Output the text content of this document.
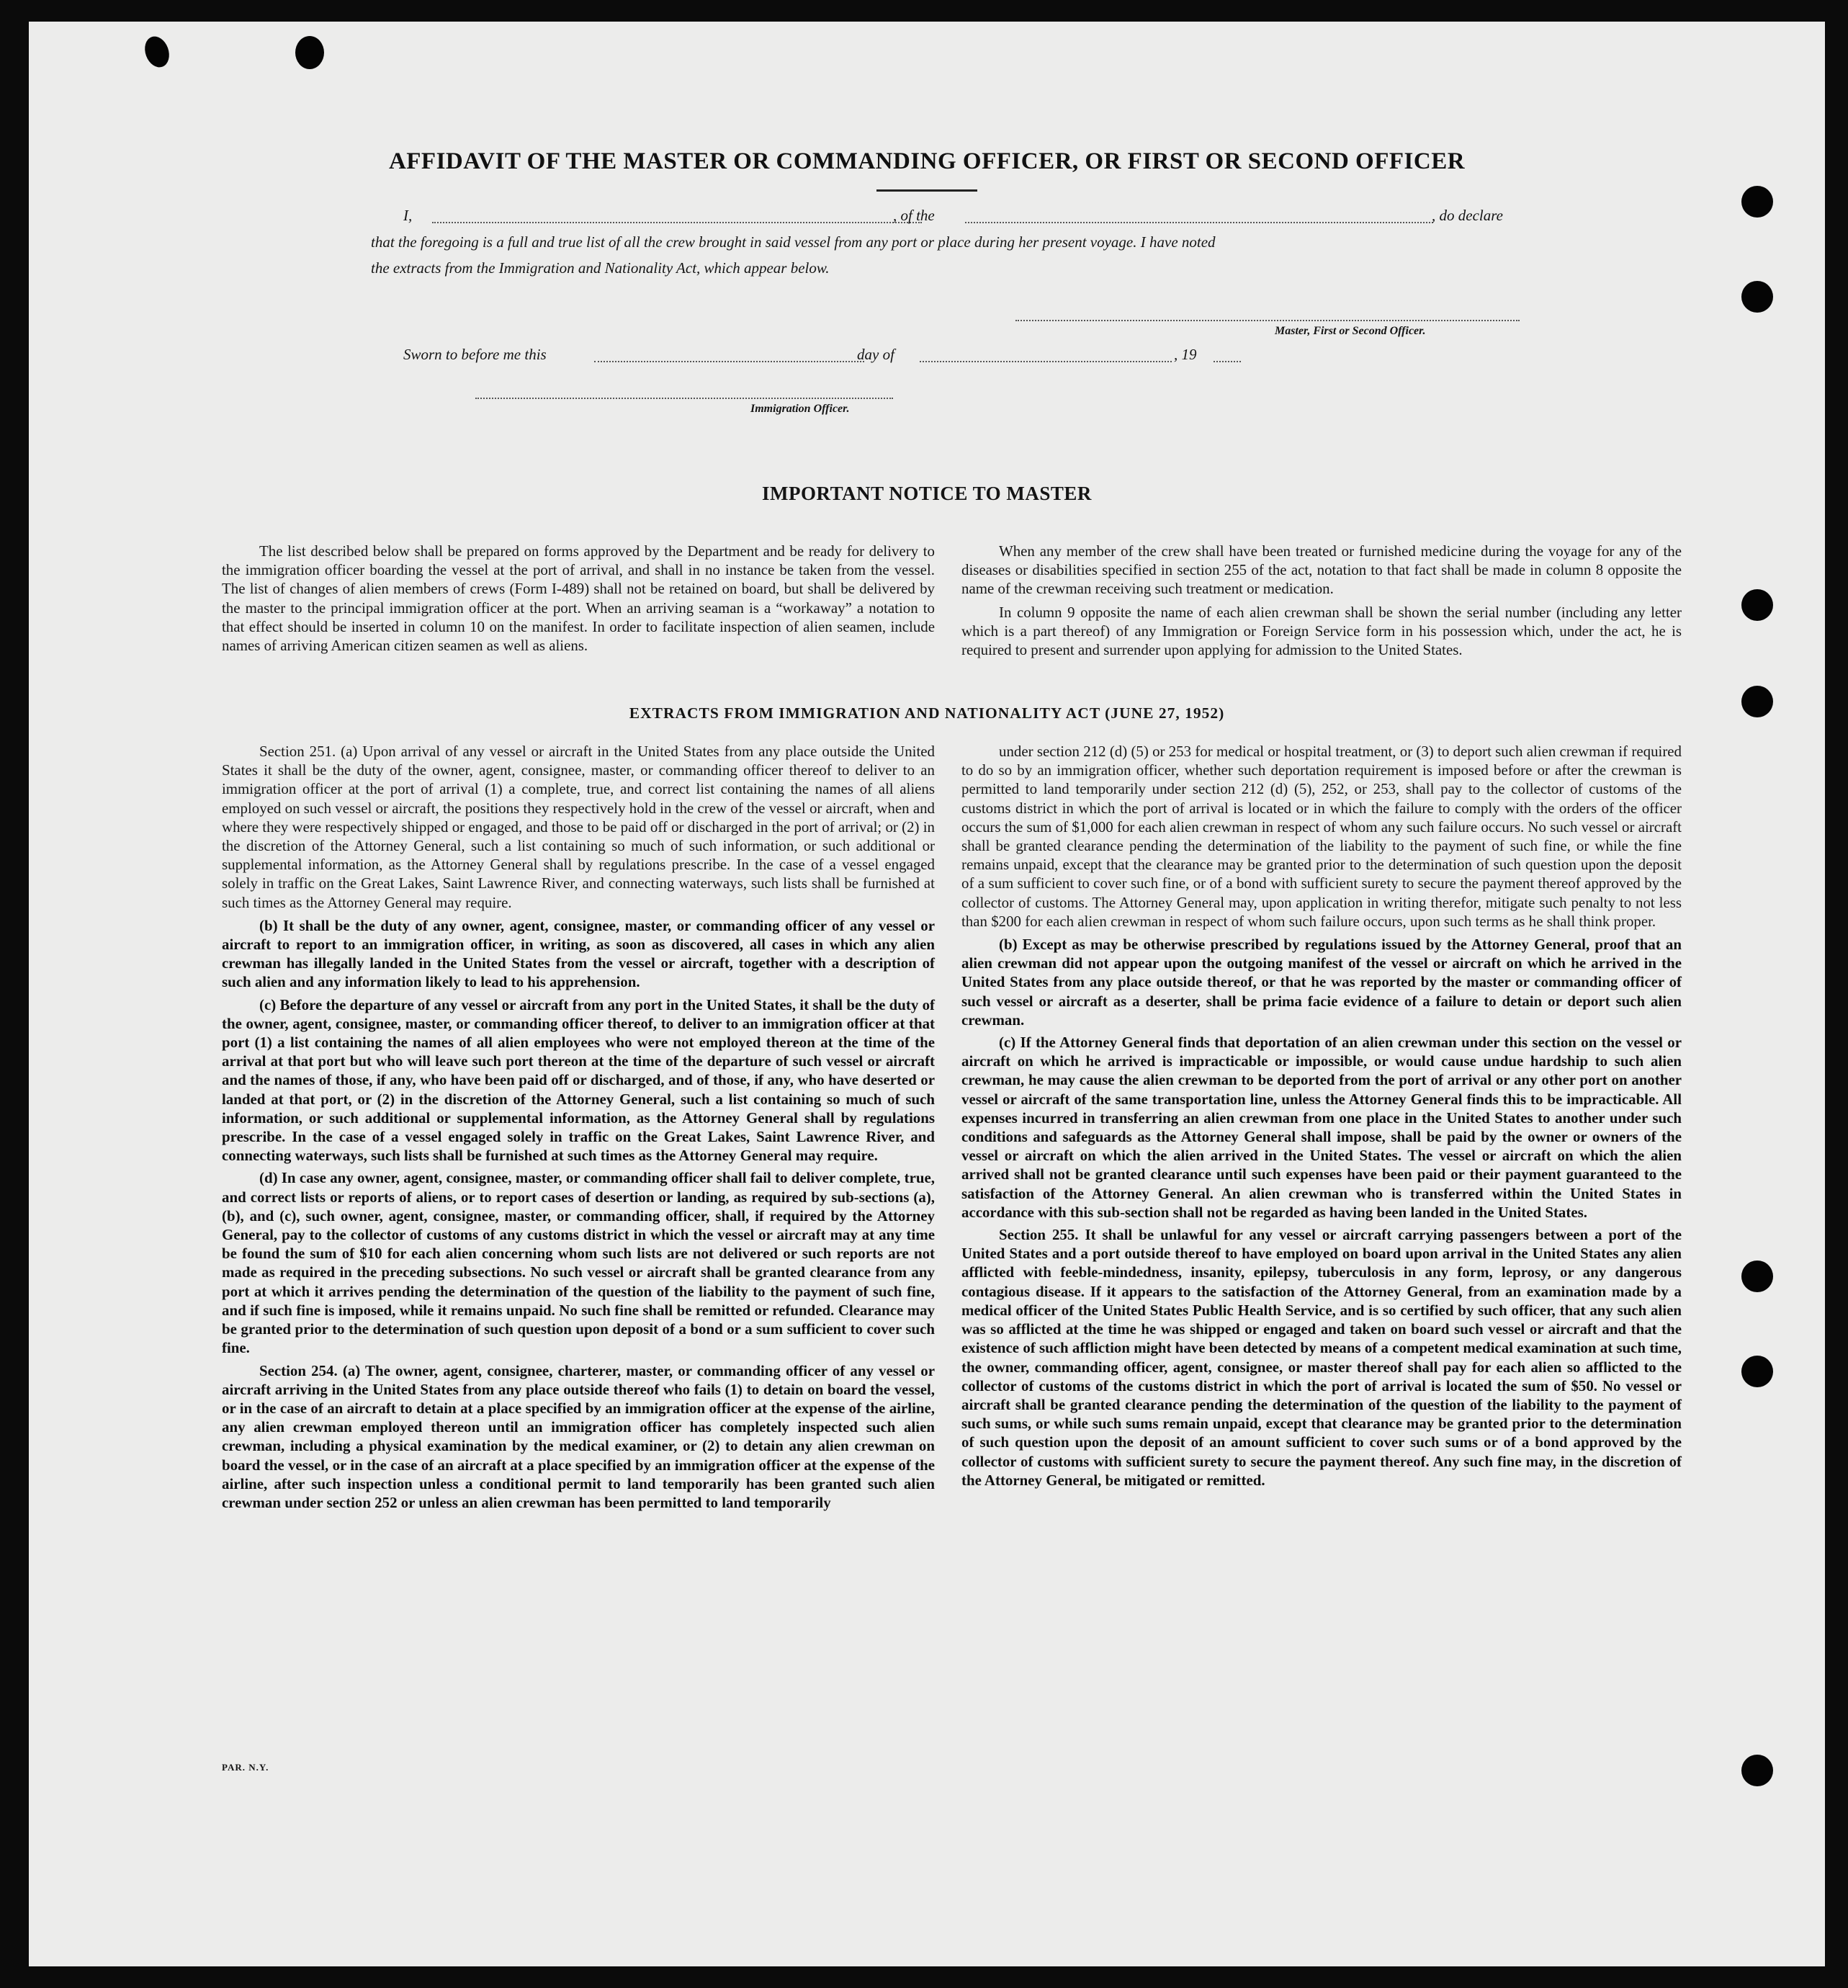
AFFIDAVIT OF THE MASTER OR COMMANDING OFFICER, OR FIRST OR SECOND OFFICER
I,	, of the	, do declare
that the foregoing is a full and true list of all the crew brought in said vessel from any port or place during her present voyage. I have noted
the extracts from the Immigration and Nationality Act, which appear below.
Master, First or Second Officer.
Sworn to before me this	day of	, 19
Immigration Officer.
IMPORTANT NOTICE TO MASTER

The list described below shall be prepared on forms approved by the Department and be ready for delivery to the immigration officer boarding the vessel at the port of arrival, and shall in no instance be taken from the vessel. The list of changes of alien members of crews (Form I-489) shall not be retained on board, but shall be delivered by the master to the principal immigration officer at the port. When an arriving seaman is a “workaway” a notation to that effect should be inserted in column 10 on the manifest. In order to facilitate inspection of alien seamen, include names of arriving American citizen seamen as well as aliens.

When any member of the crew shall have been treated or furnished medicine during the voyage for any of the diseases or disabilities specified in section 255 of the act, notation to that fact shall be made in column 8 opposite the name of the crewman receiving such treatment or medication.

In column 9 opposite the name of each alien crewman shall be shown the serial number (including any letter which is a part thereof) of any Immigration or Foreign Service form in his possession which, under the act, he is required to present and surrender upon applying for admission to the United States.

EXTRACTS FROM IMMIGRATION AND NATIONALITY ACT (JUNE 27, 1952)

Section 251. (a) Upon arrival of any vessel or aircraft in the United States from any place outside the United States it shall be the duty of the owner, agent, consignee, master, or commanding officer thereof to deliver to an immigration officer at the port of arrival (1) a complete, true, and correct list containing the names of all aliens employed on such vessel or aircraft, the positions they respectively hold in the crew of the vessel or aircraft, when and where they were respectively shipped or engaged, and those to be paid off or discharged in the port of arrival; or (2) in the discretion of the Attorney General, such a list containing so much of such information, or such additional or supplemental information, as the Attorney General shall by regulations prescribe. In the case of a vessel engaged solely in traffic on the Great Lakes, Saint Lawrence River, and connecting waterways, such lists shall be furnished at such times as the Attorney General may require.

(b) It shall be the duty of any owner, agent, consignee, master, or commanding officer of any vessel or aircraft to report to an immigration officer, in writing, as soon as discovered, all cases in which any alien crewman has illegally landed in the United States from the vessel or aircraft, together with a description of such alien and any information likely to lead to his apprehension.

(c) Before the departure of any vessel or aircraft from any port in the United States, it shall be the duty of the owner, agent, consignee, master, or commanding officer thereof, to deliver to an immigration officer at that port (1) a list containing the names of all alien employees who were not employed thereon at the time of the arrival at that port but who will leave such port thereon at the time of the departure of such vessel or aircraft and the names of those, if any, who have been paid off or discharged, and of those, if any, who have deserted or landed at that port, or (2) in the discretion of the Attorney General, such a list containing so much of such information, or such additional or supplemental information, as the Attorney General shall by regulations prescribe. In the case of a vessel engaged solely in traffic on the Great Lakes, Saint Lawrence River, and connecting waterways, such lists shall be furnished at such times as the Attorney General may require.

(d) In case any owner, agent, consignee, master, or commanding officer shall fail to deliver complete, true, and correct lists or reports of aliens, or to report cases of desertion or landing, as required by sub-sections (a), (b), and (c), such owner, agent, consignee, master, or commanding officer, shall, if required by the Attorney General, pay to the collector of customs of any customs district in which the vessel or aircraft may at any time be found the sum of $10 for each alien concerning whom such lists are not delivered or such reports are not made as required in the preceding subsections. No such vessel or aircraft shall be granted clearance from any port at which it arrives pending the determination of the question of the liability to the payment of such fine, and if such fine is imposed, while it remains unpaid. No such fine shall be remitted or refunded. Clearance may be granted prior to the determination of such question upon deposit of a bond or a sum sufficient to cover such fine.

Section 254. (a) The owner, agent, consignee, charterer, master, or commanding officer of any vessel or aircraft arriving in the United States from any place outside thereof who fails (1) to detain on board the vessel, or in the case of an aircraft to detain at a place specified by an immigration officer at the expense of the airline, any alien crewman employed thereon until an immigration officer has completely inspected such alien crewman, including a physical examination by the medical examiner, or (2) to detain any alien crewman on board the vessel, or in the case of an aircraft at a place specified by an immigration officer at the expense of the airline, after such inspection unless a conditional permit to land temporarily has been granted such alien crewman under section 252 or unless an alien crewman has been permitted to land temporarily

under section 212 (d) (5) or 253 for medical or hospital treatment, or (3) to deport such alien crewman if required to do so by an immigration officer, whether such deportation requirement is imposed before or after the crewman is permitted to land temporarily under section 212 (d) (5), 252, or 253, shall pay to the collector of customs of the customs district in which the port of arrival is located or in which the failure to comply with the orders of the officer occurs the sum of $1,000 for each alien crewman in respect of whom any such failure occurs. No such vessel or aircraft shall be granted clearance pending the determination of the liability to the payment of such fine, or while the fine remains unpaid, except that the clearance may be granted prior to the determination of such question upon the deposit of a sum sufficient to cover such fine, or of a bond with sufficient surety to secure the payment thereof approved by the collector of customs. The Attorney General may, upon application in writing therefor, mitigate such penalty to not less than $200 for each alien crewman in respect of whom such failure occurs, upon such terms as he shall think proper.

(b) Except as may be otherwise prescribed by regulations issued by the Attorney General, proof that an alien crewman did not appear upon the outgoing manifest of the vessel or aircraft on which he arrived in the United States from any place outside thereof, or that he was reported by the master or commanding officer of such vessel or aircraft as a deserter, shall be prima facie evidence of a failure to detain or deport such alien crewman.

(c) If the Attorney General finds that deportation of an alien crewman under this section on the vessel or aircraft on which he arrived is impracticable or impossible, or would cause undue hardship to such alien crewman, he may cause the alien crewman to be deported from the port of arrival or any other port on another vessel or aircraft of the same transportation line, unless the Attorney General finds this to be impracticable. All expenses incurred in transferring an alien crewman from one place in the United States to another under such conditions and safeguards as the Attorney General shall impose, shall be paid by the owner or owners of the vessel or aircraft on which the alien arrived in the United States. The vessel or aircraft on which the alien arrived shall not be granted clearance until such expenses have been paid or their payment guaranteed to the satisfaction of the Attorney General. An alien crewman who is transferred within the United States in accordance with this sub-section shall not be regarded as having been landed in the United States.

Section 255. It shall be unlawful for any vessel or aircraft carrying passengers between a port of the United States and a port outside thereof to have employed on board upon arrival in the United States any alien afflicted with feeble-mindedness, insanity, epilepsy, tuberculosis in any form, leprosy, or any dangerous contagious disease. If it appears to the satisfaction of the Attorney General, from an examination made by a medical officer of the United States Public Health Service, and is so certified by such officer, that any such alien was so afflicted at the time he was shipped or engaged and taken on board such vessel or aircraft and that the existence of such affliction might have been detected by means of a competent medical examination at such time, the owner, commanding officer, agent, consignee, or master thereof shall pay for each alien so afflicted to the collector of customs of the customs district in which the port of arrival is located the sum of $50. No vessel or aircraft shall be granted clearance pending the determination of the question of the liability to the payment of such sums, or while such sums remain unpaid, except that clearance may be granted prior to the determination of such question upon the deposit of an amount sufficient to cover such sums or of a bond approved by the collector of customs with sufficient surety to secure the payment thereof. Any such fine may, in the discretion of the Attorney General, be mitigated or remitted.

PAR. N.Y.
